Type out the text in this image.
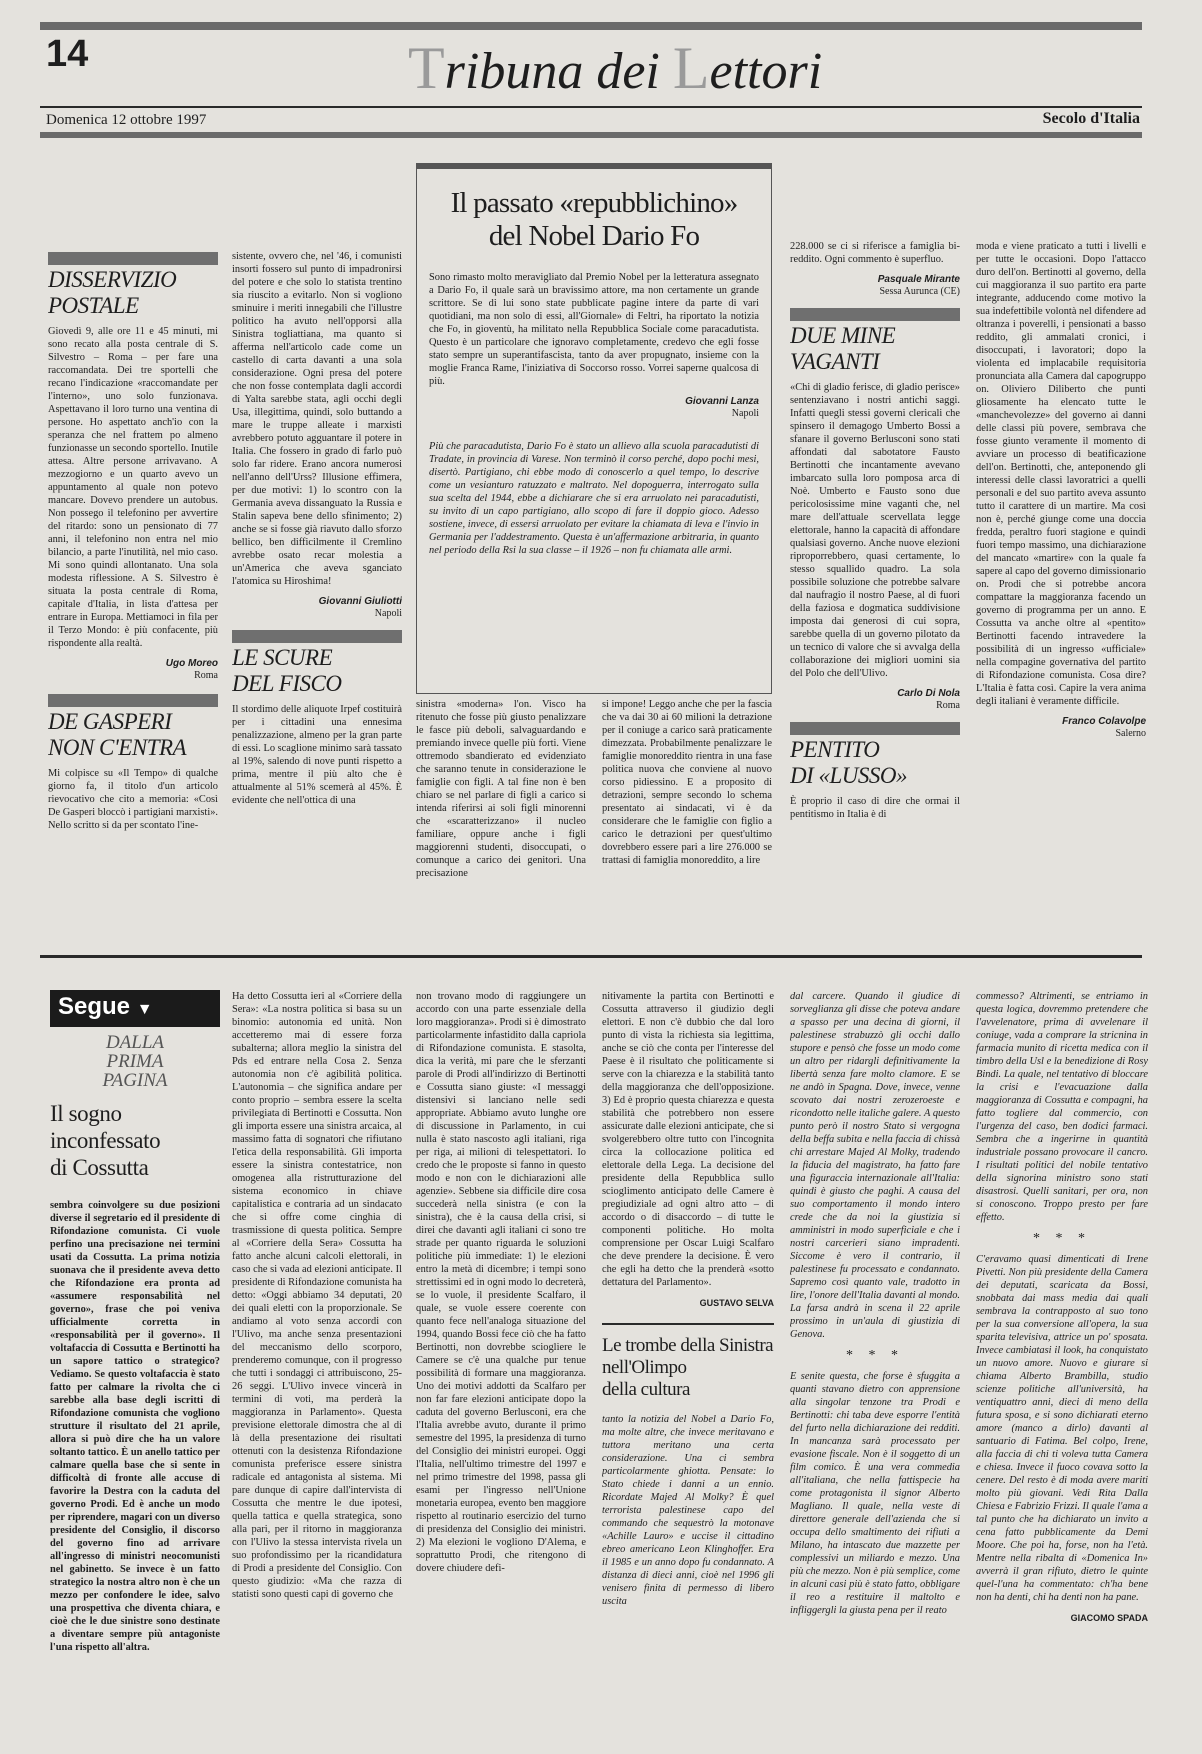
14	Tribuna dei Lettori
Domenica 12 ottobre 1997	Secolo d'Italia
DISSERVIZIO
POSTALE

Giovedì 9, alle ore 11 e 45 minuti, mi sono recato alla posta centrale di S. Silvestro – Roma – per fare una raccomandata. Dei tre sportelli che recano l'indicazione «raccomandate per l'interno», uno solo funzionava. Aspettavano il loro turno una ventina di persone. Ho aspettato anch'io con la speranza che nel frattem po almeno funzionasse un secondo sportello. Inutile attesa. Altre persone arrivavano. A mezzogiorno e un quarto avevo un appuntamento al quale non potevo mancare. Dovevo prendere un autobus. Non possego il telefonino per avvertire del ritardo: sono un pensionato di 77 anni, il telefonino non entra nel mio bilancio, a parte l'inutilità, nel mio caso. Mi sono quindi allontanato. Una sola modesta riflessione. A S. Silvestro è situata la posta centrale di Roma, capitale d'Italia, in lista d'attesa per entrare in Europa. Mettiamoci in fila per il Terzo Mondo: è più confacente, più rispondente alla realtà.

Ugo Moreo
Roma
DE GASPERI
NON C'ENTRA

Mi colpisce su «Il Tempo» di qualche giorno fa, il titolo d'un articolo rievocativo che cito a memoria: «Così De Gasperi bloccò i partigiani marxisti». Nello scritto si da per scontato l'ine-

sistente, ovvero che, nel '46, i comunisti insorti fossero sul punto di impadronirsi del potere e che solo lo statista trentino sia riuscito a evitarlo. Non si vogliono sminuire i meriti innegabili che l'illustre politico ha avuto nell'opporsi alla Sinistra togliattiana, ma quanto si afferma nell'articolo cade come un castello di carta davanti a una sola considerazione. Ogni presa del potere che non fosse contemplata dagli accordi di Yalta sarebbe stata, agli occhi degli Usa, illegittima, quindi, solo buttando a mare le truppe alleate i marxisti avrebbero potuto agguantare il potere in Italia. Che fossero in grado di farlo può solo far ridere. Erano ancora numerosi nell'anno dell'Urss? Illusione effimera, per due motivi: 1) lo scontro con la Germania aveva dissanguato la Russia e Stalin sapeva bene dello sfinimento; 2) anche se si fosse già riavuto dallo sforzo bellico, ben difficilmente il Cremlino avrebbe osato recar molestia a un'America che aveva sganciato l'atomica su Hiroshima!

Giovanni Giuliotti
Napoli
LE SCURE
DEL FISCO

Il stordimo delle aliquote Irpef costituirà per i cittadini una ennesima penalizzazione, almeno per la gran parte di essi. Lo scaglione minimo sarà tassato al 19%, salendo di nove punti rispetto a prima, mentre il più alto che è attualmente al 51% scemerà al 45%. È evidente che nell'ottica di una

Il passato «repubblichino»
del Nobel Dario Fo
Sono rimasto molto meravigliato dal Premio Nobel per la letteratura assegnato a Dario Fo, il quale sarà un bravissimo attore, ma non certamente un grande scrittore. Se di lui sono state pubblicate pagine intere da parte di vari quotidiani, ma non solo di essi, all'Giornale» di Feltri, ha riportato la notizia che Fo, in gioventù, ha militato nella Repubblica Sociale come paracadutista. Questo è un particolare che ignoravo completamente, credevo che egli fosse stato sempre un superantifascista, tanto da aver propugnato, insieme con la moglie Franca Rame, l'iniziativa di Soccorso rosso. Vorrei saperne qualcosa di più.
Giovanni Lanza
Napoli
Più che paracadutista, Dario Fo è stato un allievo alla scuola paracadutisti di Tradate, in provincia di Varese. Non terminò il corso perché, dopo pochi mesi, disertò. Partigiano, chi ebbe modo di conoscerlo a quel tempo, lo descrive come un vesianturo ratuzzato e maltrato. Nel dopoguerra, interrogato sulla sua scelta del 1944, ebbe a dichiarare che si era arruolato nei paracadutisti, su invito di un capo partigiano, allo scopo di fare il doppio gioco. Adesso sostiene, invece, di essersi arruolato per evitare la chiamata di leva e l'invio in Germania per l'addestramento. Questa è un'affermazione arbitraria, in quanto nel periodo della Rsi la sua classe – il 1926 – non fu chiamata alle armi.

sinistra «moderna» l'on. Visco ha ritenuto che fosse più giusto penalizzare le fasce più deboli, salvaguardando e premiando invece quelle più forti. Viene ottremodo sbandierato ed evidenziato che saranno tenute in considerazione le famiglie con figli. A tal fine non è ben chiaro se nel parlare di figli a carico si intenda riferirsi ai soli figli minorenni che «scaratterizzano» il nucleo familiare, oppure anche i figli maggiorenni studenti, disoccupati, o comunque a carico dei genitori. Una precisazione

si impone! Leggo anche che per la fascia che va dai 30 ai 60 milioni la detrazione per il coniuge a carico sarà praticamente dimezzata. Probabilmente penalizzare le famiglie monoreddito rientra in una fase politica nuova che conviene al nuovo corso pidiessino. E a proposito di detrazioni, sempre secondo lo schema presentato ai sindacati, vi è da considerare che le famiglie con figlio a carico le detrazioni per quest'ultimo dovrebbero essere pari a lire 276.000 se trattasi di famiglia monoreddito, a lire

228.000 se ci si riferisce a famiglia bi-reddito. Ogni commento è superfluo.

Pasquale Mirante
Sessa Aurunca (CE)
DUE MINE
VAGANTI

«Chi di gladio ferisce, di gladio perisce» sentenziavano i nostri antichi saggi. Infatti quegli stessi governi clericali che spinsero il demagogo Umberto Bossi a sfanare il governo Berlusconi sono stati affondati dal sabotatore Fausto Bertinotti che incantamente avevano imbarcato sulla loro pomposa arca di Noè. Umberto e Fausto sono due pericolosissime mine vaganti che, nel mare dell'attuale scervellata legge elettorale, hanno la capacità di affondare qualsiasi governo. Anche nuove elezioni riproporrebbero, quasi certamente, lo stesso squallido quadro. La sola possibile soluzione che potrebbe salvare dal naufragio il nostro Paese, al di fuori della faziosa e dogmatica suddivisione imposta dai generosi di cui sopra, sarebbe quella di un governo pilotato da un tecnico di valore che si avvalga della collaborazione dei migliori uomini sia del Polo che dell'Ulivo.

Carlo Di Nola
Roma
PENTITO
DI «LUSSO»

È proprio il caso di dire che ormai il pentitismo in Italia è di

moda e viene praticato a tutti i livelli e per tutte le occasioni. Dopo l'attacco duro dell'on. Bertinotti al governo, della cui maggioranza il suo partito era parte integrante, adducendo come motivo la sua indefettibile volontà nel difendere ad oltranza i poverelli, i pensionati a basso reddito, gli ammalati cronici, i disoccupati, i lavoratori; dopo la violenta ed implacabile requisitoria pronunciata alla Camera dal capogruppo on. Oliviero Diliberto che punti gliosamente ha elencato tutte le «manchevolezze» del governo ai danni delle classi più povere, sembrava che fosse giunto veramente il momento di avviare un processo di beatificazione dell'on. Bertinotti, che, anteponendo gli interessi delle classi lavoratrici a quelli personali e del suo partito aveva assunto tutto il carattere di un martire. Ma così non è, perché giunge come una doccia fredda, peraltro fuori stagione e quindi fuori tempo massimo, una dichiarazione del mancato «martire» con la quale fa sapere al capo del governo dimissionario on. Prodi che si potrebbe ancora compattare la maggioranza facendo un governo di programma per un anno. E Cossutta va anche oltre al «pentito» Bertinotti facendo intravedere la possibilità di un ingresso «ufficiale» nella compagine governativa del partito di Rifondazione comunista. Cosa dire? L'Italia è fatta così. Capire la vera anima degli italiani è veramente difficile.

Franco Colavolpe
Salerno
Segue ▼
DALLA
PRIMA
PAGINA
Il sogno
inconfessato
di Cossutta

sembra coinvolgere su due posizioni diverse il segretario ed il presidente di Rifondazione comunista. Ci vuole perfino una precisazione nei termini usati da Cossutta. La prima notizia suonava che il presidente aveva detto che Rifondazione era pronta ad «assumere responsabilità nel governo», frase che poi veniva ufficialmente corretta in «responsabilità per il governo». Il voltafaccia di Cossutta e Bertinotti ha un sapore tattico o strategico? Vediamo. Se questo voltafaccia è stato fatto per calmare la rivolta che ci sarebbe alla base degli iscritti di Rifondazione comunista che vogliono strutture il risultato del 21 aprile, allora si può dire che ha un valore soltanto tattico. È un anello tattico per calmare quella base che si sente in difficoltà di fronte alle accuse di favorire la Destra con la caduta del governo Prodi. Ed è anche un modo per riprendere, magari con un diverso presidente del Consiglio, il discorso del governo fino ad arrivare all'ingresso di ministri neocomunisti nel gabinetto. Se invece è un fatto strategico la nostra altro non è che un mezzo per confondere le idee, salvo una prospettiva che diventa chiara, e cioè che le due sinistre sono destinate a diventare sempre più antagoniste l'una rispetto all'altra.

Ha detto Cossutta ieri al «Corriere della Sera»: «La nostra politica si basa su un binomio: autonomia ed unità. Non accetteremo mai di essere forza subalterna; allora meglio la sinistra del Pds ed entrare nella Cosa 2. Senza autonomia non c'è agibilità politica. L'autonomia – che significa andare per conto proprio – sembra essere la scelta privilegiata di Bertinotti e Cossutta. Non gli importa essere una sinistra arcaica, al massimo fatta di sognatori che rifiutano l'etica della responsabilità. Gli importa essere la sinistra contestatrice, non omogenea alla ristrutturazione del sistema economico in chiave capitalistica e contraria ad un sindacato che si offre come cinghia di trasmissione di questa politica. Sempre al «Corriere della Sera» Cossutta ha fatto anche alcuni calcoli elettorali, in caso che si vada ad elezioni anticipate. Il presidente di Rifondazione comunista ha detto: «Oggi abbiamo 34 deputati, 20 dei quali eletti con la proporzionale. Se andiamo al voto senza accordi con l'Ulivo, ma anche senza presentazioni del meccanismo dello scorporo, prenderemo comunque, con il progresso che tutti i sondaggi ci attribuiscono, 25-26 seggi. L'Ulivo invece vincerà in termini di voti, ma perderà la maggioranza in Parlamento». Questa previsione elettorale dimostra che al di là della presentazione dei risultati ottenuti con la desistenza Rifondazione comunista preferisce essere sinistra radicale ed antagonista al sistema. Mi pare dunque di capire dall'intervista di Cossutta che mentre le due ipotesi, quella tattica e quella strategica, sono alla pari, per il ritorno in maggioranza con l'Ulivo la stessa intervista rivela un suo profondissimo per la ricandidatura di Prodi a presidente del Consiglio. Con questo giudizio: «Ma che razza di statisti sono questi capi di governo che

non trovano modo di raggiungere un accordo con una parte essenziale della loro maggioranza». Prodi si è dimostrato particolarmente infastidito dalla capriola di Rifondazione comunista. E stasolta, dica la verità, mi pare che le sferzanti parole di Prodi all'indirizzo di Bertinotti e Cossutta siano giuste: «I messaggi distensivi si lanciano nelle sedi appropriate. Abbiamo avuto lunghe ore di discussione in Parlamento, in cui nulla è stato nascosto agli italiani, riga per riga, ai milioni di telespettatori. Io credo che le proposte si fanno in questo modo e non con le dichiarazioni alle agenzie». Sebbene sia difficile dire cosa succederà nella sinistra (e con la sinistra), che è la causa della crisi, si direi che davanti agli italiani ci sono tre strade per quanto riguarda le soluzioni politiche più immediate: 1) le elezioni entro la metà di dicembre; i tempi sono strettissimi ed in ogni modo lo decreterà, se lo vuole, il presidente Scalfaro, il quale, se vuole essere coerente con quanto fece nell'analoga situazione del 1994, quando Bossi fece ciò che ha fatto Bertinotti, non dovrebbe sciogliere le Camere se c'è una qualche pur tenue possibilità di formare una maggioranza. Uno dei motivi addotti da Scalfaro per non far fare elezioni anticipate dopo la caduta del governo Berlusconi, era che l'Italia avrebbe avuto, durante il primo semestre del 1995, la presidenza di turno del Consiglio dei ministri europei. Oggi l'Italia, nell'ultimo trimestre del 1997 e nel primo trimestre del 1998, passa gli esami per l'ingresso nell'Unione monetaria europea, evento ben maggiore rispetto al routinario esercizio del turno di presidenza del Consiglio dei ministri. 2) Ma elezioni le vogliono D'Alema, e soprattutto Prodi, che ritengono di dovere chiudere defi-

nitivamente la partita con Bertinotti e Cossutta attraverso il giudizio degli elettori. E non c'è dubbio che dal loro punto di vista la richiesta sia legittima, anche se ciò che conta per l'interesse del Paese è il risultato che politicamente si serve con la chiarezza e la stabilità tanto della maggioranza che dell'opposizione. 3) Ed è proprio questa chiarezza e questa stabilità che potrebbero non essere assicurate dalle elezioni anticipate, che si svolgerebbero oltre tutto con l'incognita circa la collocazione politica ed elettorale della Lega. La decisione del presidente della Repubblica sullo scioglimento anticipato delle Camere è pregiudiziale ad ogni altro atto – di accordo o di disaccordo – di tutte le componenti politiche. Ho molta comprensione per Oscar Luigi Scalfaro che deve prendere la decisione. È vero che egli ha detto che la prenderà «sotto dettatura del Parlamento».

GUSTAVO SELVA
Le trombe della Sinistra
nell'Olimpo
della cultura

tanto la notizia del Nobel a Dario Fo, ma molte altre, che invece meritavano e tuttora meritano una certa considerazione. Una ci sembra particolarmente ghiotta. Pensate: lo Stato chiede i danni a un ennio. Ricordate Majed Al Molky? È quel terrorista palestinese capo del commando che sequestrò la motonave «Achille Lauro» e uccise il cittadino ebreo americano Leon Klinghoffer. Era il 1985 e un anno dopo fu condannato. A distanza di dieci anni, cioè nel 1996 gli venisero finita di permesso di libero uscita

dal carcere. Quando il giudice di sorveglianza gli disse che poteva andare a spasso per una decina di giorni, il palestinese strabuzzò gli occhi dallo stupore e pensò che fosse un modo come un altro per ridargli definitivamente la libertà senza fare molto clamore. E se ne andò in Spagna. Dove, invece, venne scovato dai nostri zerozeroeste e ricondotto nelle italiche galere. A questo punto però il nostro Stato si vergogna della beffa subita e nella faccia di chissà chi arrestare Majed Al Molky, tradendo la fiducia del magistrato, ha fatto fare una figuraccia internazionale all'Italia: quindi è giusto che paghi. A causa del suo comportamento il mondo intero crede che da noi la giustizia si amministri in modo superficiale e che i nostri carcerieri siano impradenti. Siccome è vero il contrario, il palestinese fu processato e condannato. Sapremo così quanto vale, tradotto in lire, l'onore dell'Italia davanti al mondo. La farsa andrà in scena il 22 aprile prossimo in un'aula di giustizia di Genova.

* * *

E senite questa, che forse è sfuggita a quanti stavano dietro con apprensione alla singolar tenzone tra Prodi e Bertinotti: chi taba deve esporre l'entità del furto nella dichiarazione dei redditi. In mancanza sarà processato per evasione fiscale. Non è il soggetto di un film comico. È una vera commedia all'italiana, che nella fattispecie ha come protagonista il signor Alberto Magliano. Il quale, nella veste di direttore generale dell'azienda che si occupa dello smaltimento dei rifiuti a Milano, ha intascato due mazzette per complessivi un miliardo e mezzo. Una più che mezzo. Non è più semplice, come in alcuni casi più è stato fatto, obbligare il reo a restituire il maltolto e infliggergli la giusta pena per il reato

commesso? Altrimenti, se entriamo in questa logica, dovremmo pretendere che l'avvelenatore, prima di avvelenare il coniuge, vada a comprare la stricnina in farmacia munito di ricetta medica con il timbro della Usl e la benedizione di Rosy Bindi. La quale, nel tentativo di bloccare la crisi e l'evacuazione dalla maggioranza di Cossutta e compagni, ha fatto togliere dal commercio, con l'urgenza del caso, ben dodici farmaci. Sembra che a ingerirne in quantità industriale possano provocare il cancro. I risultati politici del nobile tentativo della signorina ministro sono stati disastrosi. Quelli sanitari, per ora, non si conoscono. Troppo presto per fare effetto.

* * *

C'eravamo quasi dimenticati di Irene Pivetti. Non più presidente della Camera dei deputati, scaricata da Bossi, snobbata dai mass media dai quali sembrava la contrapposto al suo tono per la sua conversione all'opera, la sua sparita televisiva, attrice un po' sposata. Invece cambiatasi il look, ha conquistato un nuovo amore. Nuovo e giurare si chiama Alberto Brambilla, studio scienze politiche all'università, ha ventiquattro anni, dieci di meno della futura sposa, e si sono dichiarati eterno amore (manco a dirlo) davanti al santuario di Fatima. Bel colpo, Irene, alla faccia di chi ti voleva tutta Camera e chiesa. Invece il fuoco covava sotto la cenere. Del resto è di moda avere mariti molto più giovani. Vedi Rita Dalla Chiesa e Fabrizio Frizzi. Il quale l'ama a tal punto che ha dichiarato un invito a cena fatto pubblicamente da Demi Moore. Che poi ha, forse, non ha l'età. Mentre nella ribalta di «Domenica In» avverrà il gran rifiuto, dietro le quinte quel-l'una ha commentato: ch'ha bene non ha denti, chi ha denti non ha pane.

GIACOMO SPADA
